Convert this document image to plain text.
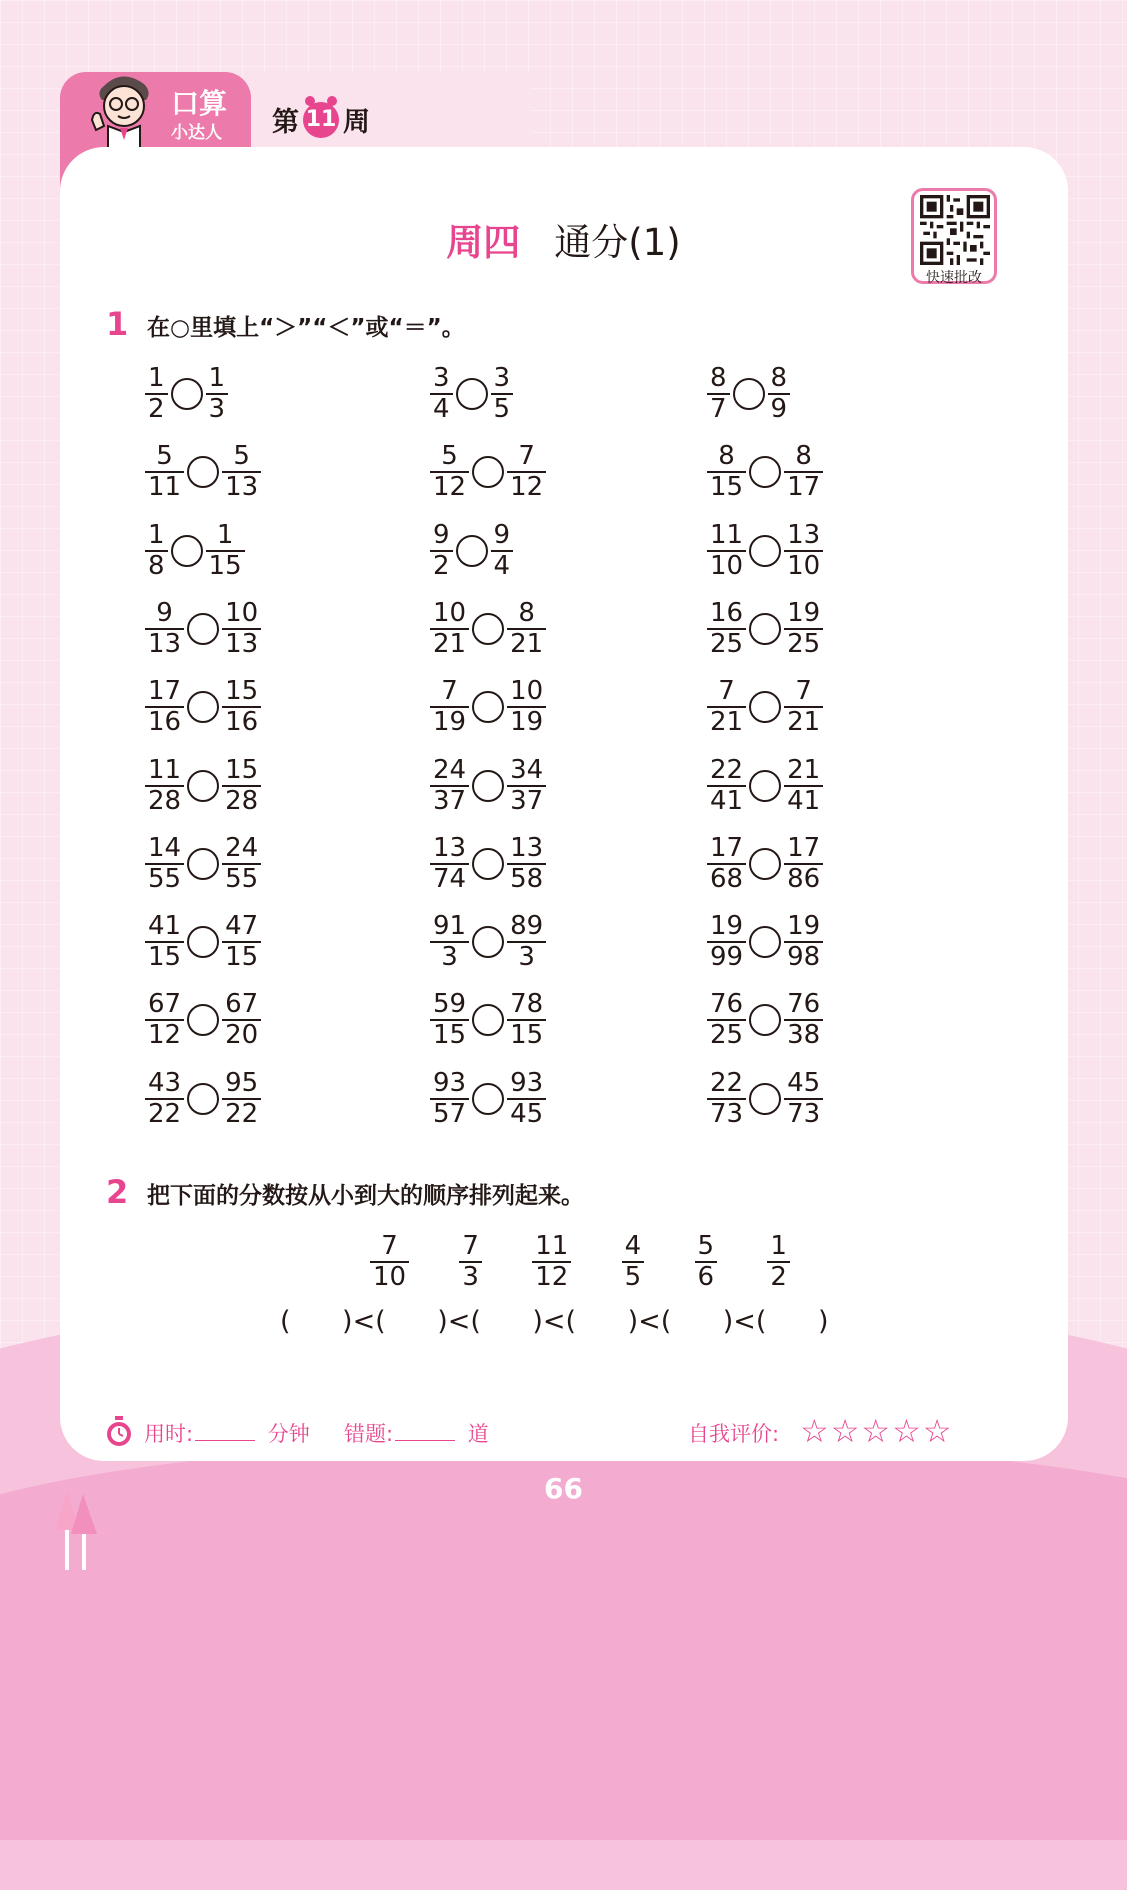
口算
小达人 第 11 周
周四 通分(1)
快速批改
1 在○里填上“＞”“＜”或“＝”。
$\frac{1}{2} \frac{1}{3}$	$\frac{3}{4} \frac{3}{5}$	$\frac{8}{7} \frac{8}{9}$
$\frac{5}{11} \frac{5}{13}$	$\frac{5}{12} \frac{7}{12}$	$\frac{8}{15} \frac{8}{17}$
$\frac{1}{8} \frac{1}{15}$	$\frac{9}{2} \frac{9}{4}$	$\frac{11}{10} \frac{13}{10}$
$\frac{9}{13} \frac{10}{13}$	$\frac{10}{21} \frac{8}{21}$	$\frac{16}{25} \frac{19}{25}$
$\frac{17}{16} \frac{15}{16}$	$\frac{7}{19} \frac{10}{19}$	$\frac{7}{21} \frac{7}{21}$
$\frac{11}{28} \frac{15}{28}$	$\frac{24}{37} \frac{34}{37}$	$\frac{22}{41} \frac{21}{41}$
$\frac{14}{55} \frac{24}{55}$	$\frac{13}{74} \frac{13}{58}$	$\frac{17}{68} \frac{17}{86}$
$\frac{41}{15} \frac{47}{15}$	$\frac{91}{3} \frac{89}{3}$	$\frac{19}{99} \frac{19}{98}$
$\frac{67}{12} \frac{67}{20}$	$\frac{59}{15} \frac{78}{15}$	$\frac{76}{25} \frac{76}{38}$
$\frac{43}{22} \frac{95}{22}$	$\frac{93}{57} \frac{93}{45}$	$\frac{22}{73} \frac{45}{73}$
2 把下面的分数按从小到大的顺序排列起来。
$\frac{7}{10} \frac{7}{3} \frac{11}{12} \frac{4}{5} \frac{5}{6} \frac{1}{2}$
(      )<(      )<(      )<(      )<(      )<(      )
用时:	分钟 错题:	道	自我评价: ☆☆☆☆☆
66
